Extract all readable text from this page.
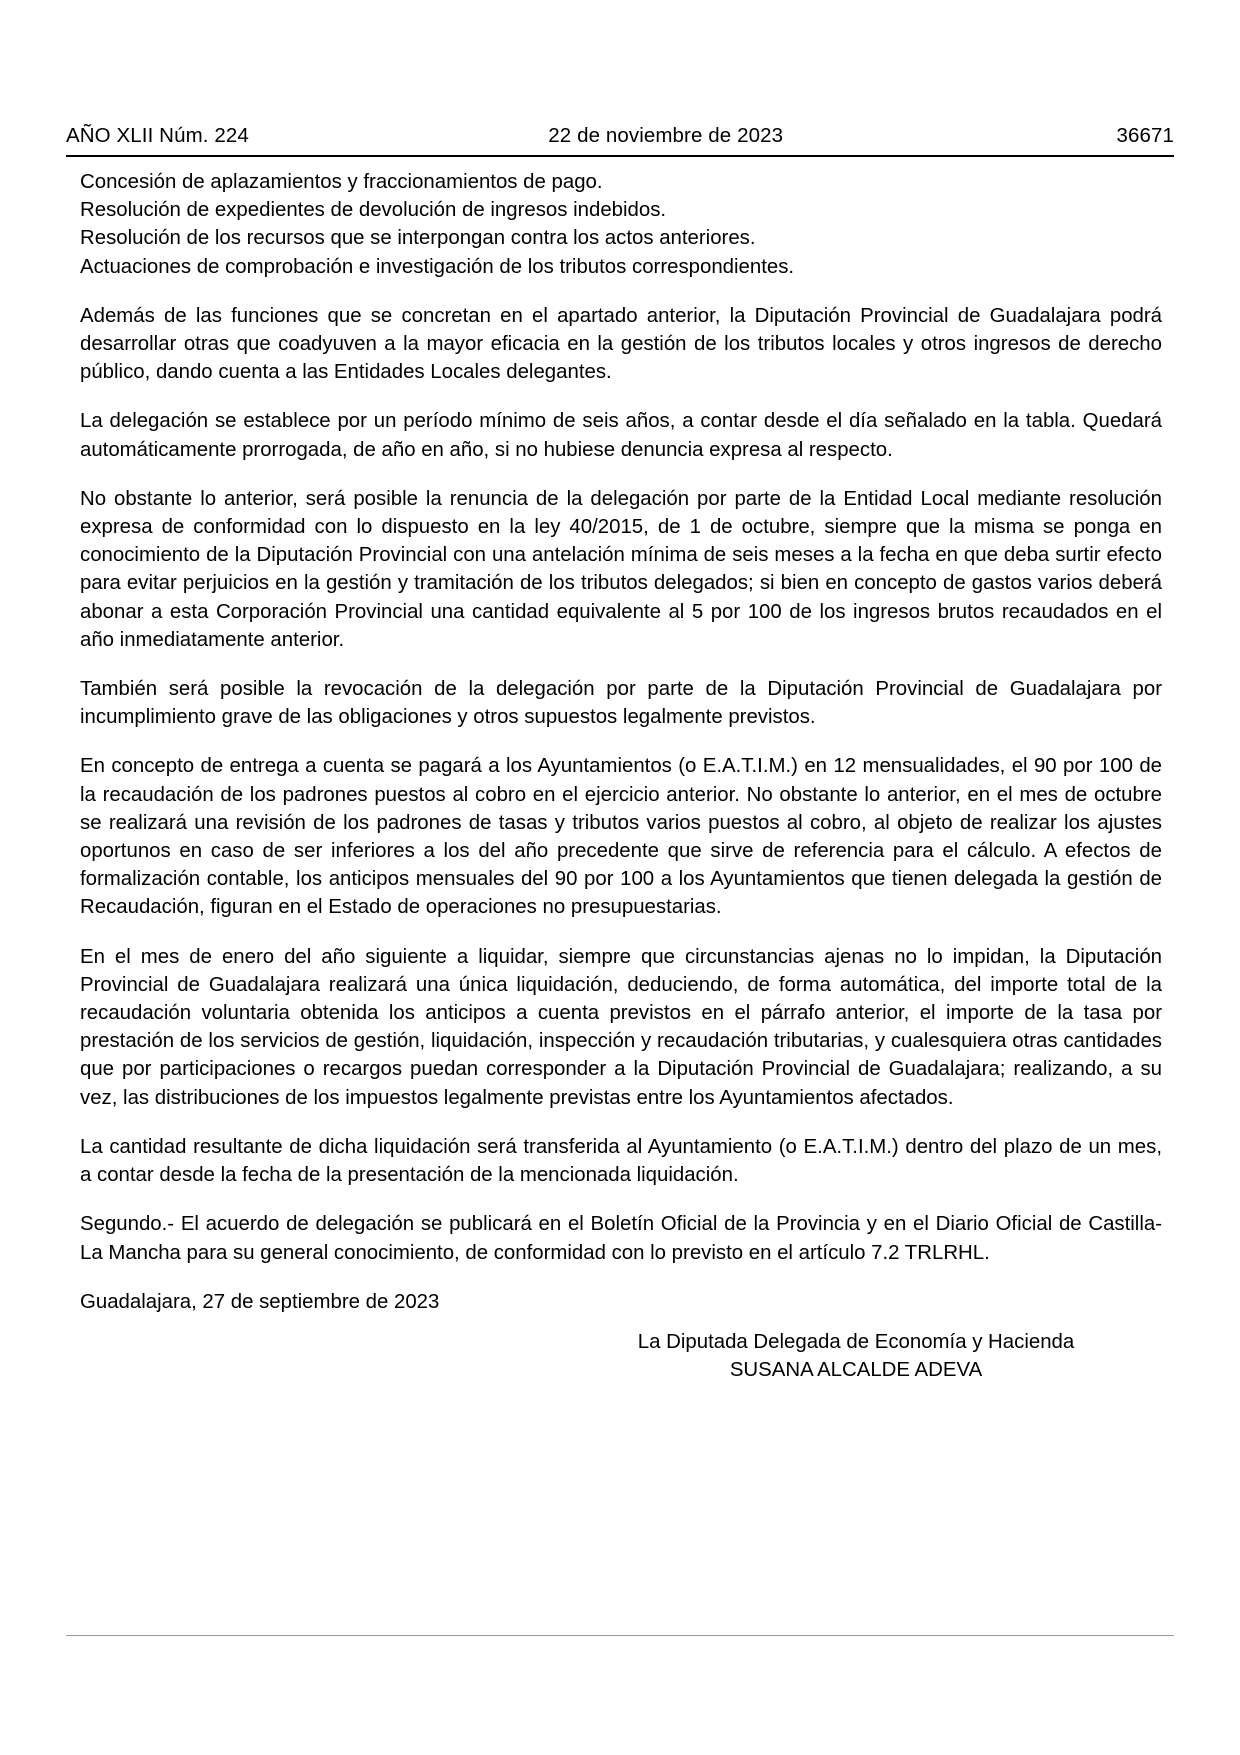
AÑO XLII Núm. 224	22 de noviembre de 2023	36671

Concesión de aplazamientos y fraccionamientos de pago.

Resolución de expedientes de devolución de ingresos indebidos.

Resolución de los recursos que se interpongan contra los actos anteriores.

Actuaciones de comprobación e investigación de los tributos correspondientes.

Además de las funciones que se concretan en el apartado anterior, la Diputación Provincial de Guadalajara podrá desarrollar otras que coadyuven a la mayor eficacia en la gestión de los tributos locales y otros ingresos de derecho público, dando cuenta a las Entidades Locales delegantes.

La delegación se establece por un período mínimo de seis años, a contar desde el día señalado en la tabla. Quedará automáticamente prorrogada, de año en año, si no hubiese denuncia expresa al respecto.

No obstante lo anterior, será posible la renuncia de la delegación por parte de la Entidad Local mediante resolución expresa de conformidad con lo dispuesto en la ley 40/2015, de 1 de octubre, siempre que la misma se ponga en conocimiento de la Diputación Provincial con una antelación mínima de seis meses a la fecha en que deba surtir efecto para evitar perjuicios en la gestión y tramitación de los tributos delegados; si bien en concepto de gastos varios deberá abonar a esta Corporación Provincial una cantidad equivalente al 5 por 100 de los ingresos brutos recaudados en el año inmediatamente anterior.

También será posible la revocación de la delegación por parte de la Diputación Provincial de Guadalajara por incumplimiento grave de las obligaciones y otros supuestos legalmente previstos.

En concepto de entrega a cuenta se pagará a los Ayuntamientos (o E.A.T.I.M.) en 12 mensualidades, el 90 por 100 de la recaudación de los padrones puestos al cobro en el ejercicio anterior. No obstante lo anterior, en el mes de octubre se realizará una revisión de los padrones de tasas y tributos varios puestos al cobro, al objeto de realizar los ajustes oportunos en caso de ser inferiores a los del año precedente que sirve de referencia para el cálculo. A efectos de formalización contable, los anticipos mensuales del 90 por 100 a los Ayuntamientos que tienen delegada la gestión de Recaudación, figuran en el Estado de operaciones no presupuestarias.

En el mes de enero del año siguiente a liquidar, siempre que circunstancias ajenas no lo impidan, la Diputación Provincial de Guadalajara realizará una única liquidación, deduciendo, de forma automática, del importe total de la recaudación voluntaria obtenida los anticipos a cuenta previstos en el párrafo anterior, el importe de la tasa por prestación de los servicios de gestión, liquidación, inspección y recaudación tributarias, y cualesquiera otras cantidades que por participaciones o recargos puedan corresponder a la Diputación Provincial de Guadalajara; realizando, a su vez, las distribuciones de los impuestos legalmente previstas entre los Ayuntamientos afectados.

La cantidad resultante de dicha liquidación será transferida al Ayuntamiento (o E.A.T.I.M.) dentro del plazo de un mes, a contar desde la fecha de la presentación de la mencionada liquidación.

Segundo.- El acuerdo de delegación se publicará en el Boletín Oficial de la Provincia y en el Diario Oficial de Castilla-La Mancha para su general conocimiento, de conformidad con lo previsto en el artículo 7.2 TRLRHL.

Guadalajara, 27 de septiembre de 2023

La Diputada Delegada de Economía y Hacienda
SUSANA ALCALDE ADEVA
